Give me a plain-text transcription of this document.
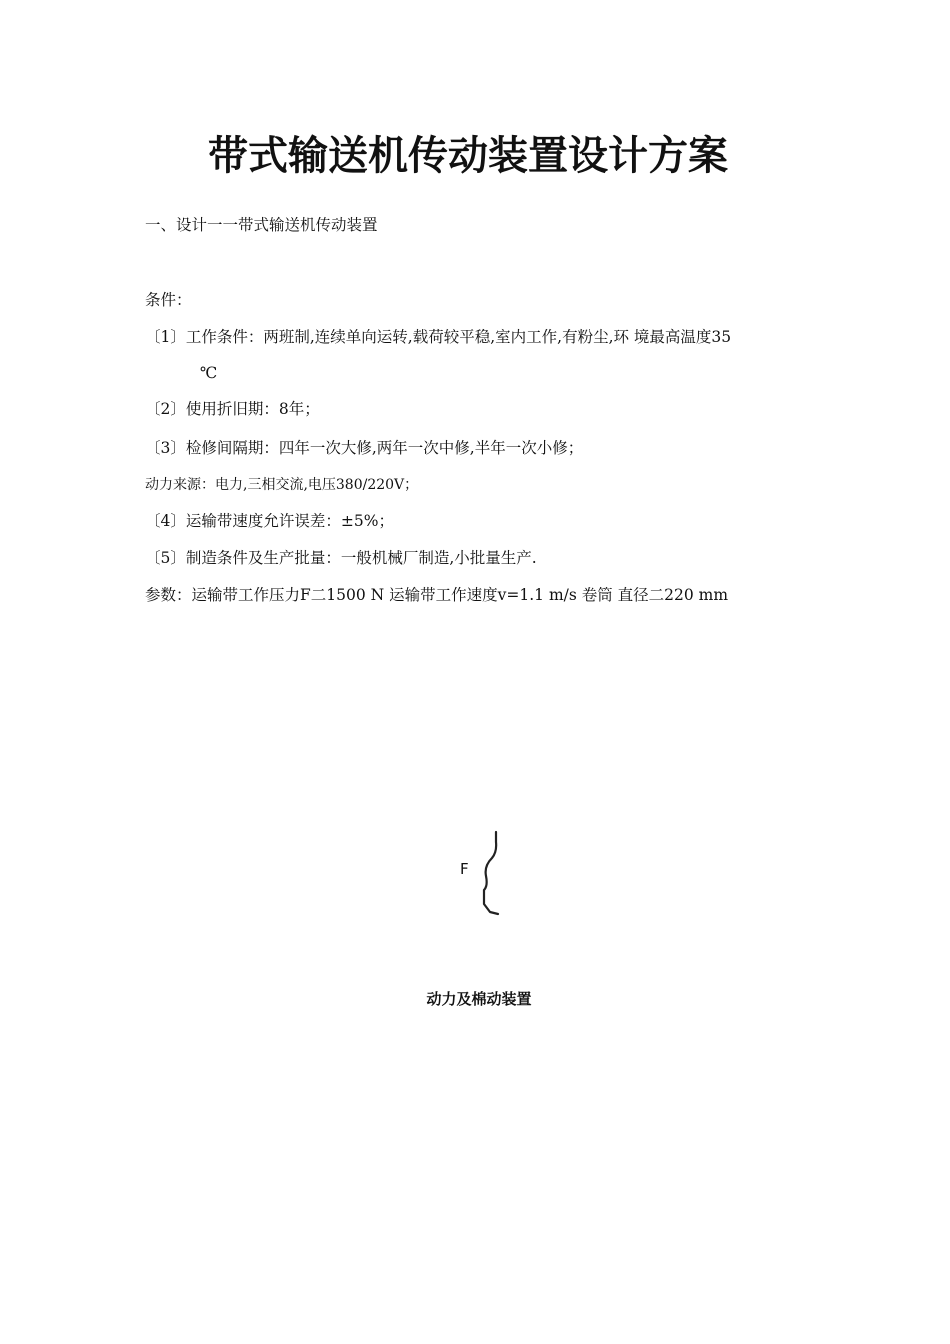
带式输送机传动装置设计方案
一、设计一一带式输送机传动装置
条件：
〔1〕工作条件：两班制,连续单向运转,载荷较平稳,室内工作,有粉尘,环 境最高温度35
℃
〔2〕使用折旧期：8年；
〔3〕检修间隔期：四年一次大修,两年一次中修,半年一次小修；
动力来源：电力,三相交流,电压380/220V；
〔4〕运输带速度允许误差：±5%；
〔5〕制造条件及生产批量：一般机械厂制造,小批量生产.
参数：运输带工作压力F二1500 N 运输带工作速度v=1.1 m/s 卷筒 直径二220 mm
F
动力及棉动装置
